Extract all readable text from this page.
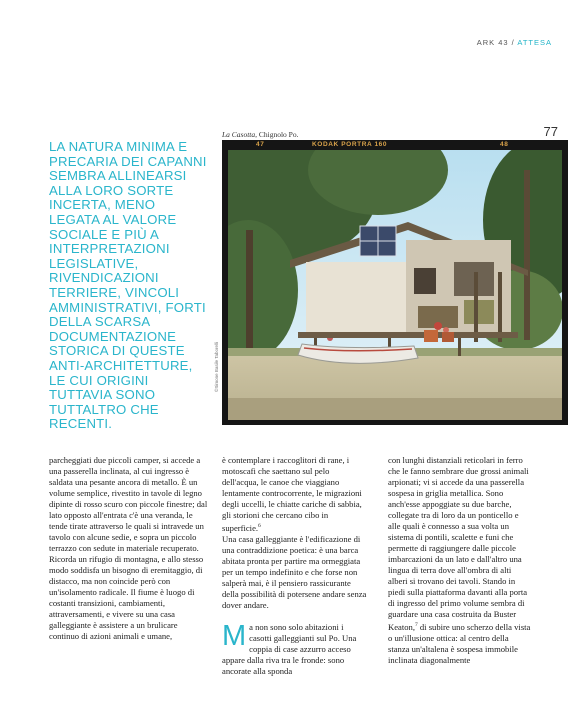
ARK 43 / ATTESA
LA NATURA MINIMA E PRECARIA DEI CAPANNI SEMBRA ALLINEARSI ALLA LORO SORTE INCERTA, MENO LEGATA AL VALORE SOCIALE E PIÙ A INTERPRETAZIONI LEGISLATIVE, RIVENDICAZIONI TERRIERE, VINCOLI AMMINISTRATIVI, FORTI DELLA SCARSA DOCUMENTAZIONE STORICA DI QUESTE ANTI-ARCHITETTURE, LE CUI ORIGINI TUTTAVIA SONO TUTTALTRO CHE RECENTI.
La Casotta, Chignolo Po.	77
©Simone Basile Taborelli
47	KODAK PORTRA 160	48

parcheggiati due piccoli camper, si accede a una passerella inclinata, al cui ingresso è saldata una pesante ancora di metallo. È un volume semplice, rivestito in tavole di legno dipinte di rosso scuro con piccole finestre; dal lato opposto all'entrata c'è una veranda, le tende tirate attraverso le quali si intravede un tavolo con alcune sedie, e sopra un piccolo terrazzo con sedute in materiale recuperato. Ricorda un rifugio di montagna, e allo stesso modo soddisfa un bisogno di eremitaggio, di distacco, ma non coincide però con un'isolamento radicale. Il fiume è luogo di costanti transizioni, cambiamenti, attraversamenti, e vivere su una casa galleggiante è assistere a un brulicare continuo di azioni animali e umane,

è contemplare i raccoglitori di rane, i motoscafi che saettano sul pelo dell'acqua, le canoe che viaggiano lentamente controcorrente, le migrazioni degli uccelli, le chiatte cariche di sabbia, gli storioni che cercano cibo in superficie.$^6$

Una casa galleggiante è l'edificazione di una contraddizione poetica: è una barca abitata pronta per partire ma ormeggiata per un tempo indefinito e che forse non salperà mai, è il pensiero rassicurante della possibilità di potersene andare senza dover andare.

Ma non sono solo abitazioni i casotti galleggianti sul Po. Una coppia di case azzurro acceso appare dalla riva tra le fronde: sono ancorate alla sponda

con lunghi distanziali reticolari in ferro che le fanno sembrare due grossi animali arpionati; vi si accede da una passerella sospesa in griglia metallica. Sono anch'esse appoggiate su due barche, collegate tra di loro da un ponticello e alle quali è connesso a sua volta un sistema di pontili, scalette e funi che permette di raggiungere dalle piccole imbarcazioni da un lato e dall'altro una lingua di terra dove all'ombra di alti alberi si trovano dei tavoli. Stando in piedi sulla piattaforma davanti alla porta di ingresso del primo volume sembra di guardare una casa costruita da Buster Keaton,$^7$ di subire uno scherzo della vista o un'illusione ottica: al centro della stanza un'altalena è sospesa immobile inclinata diagonalmente
